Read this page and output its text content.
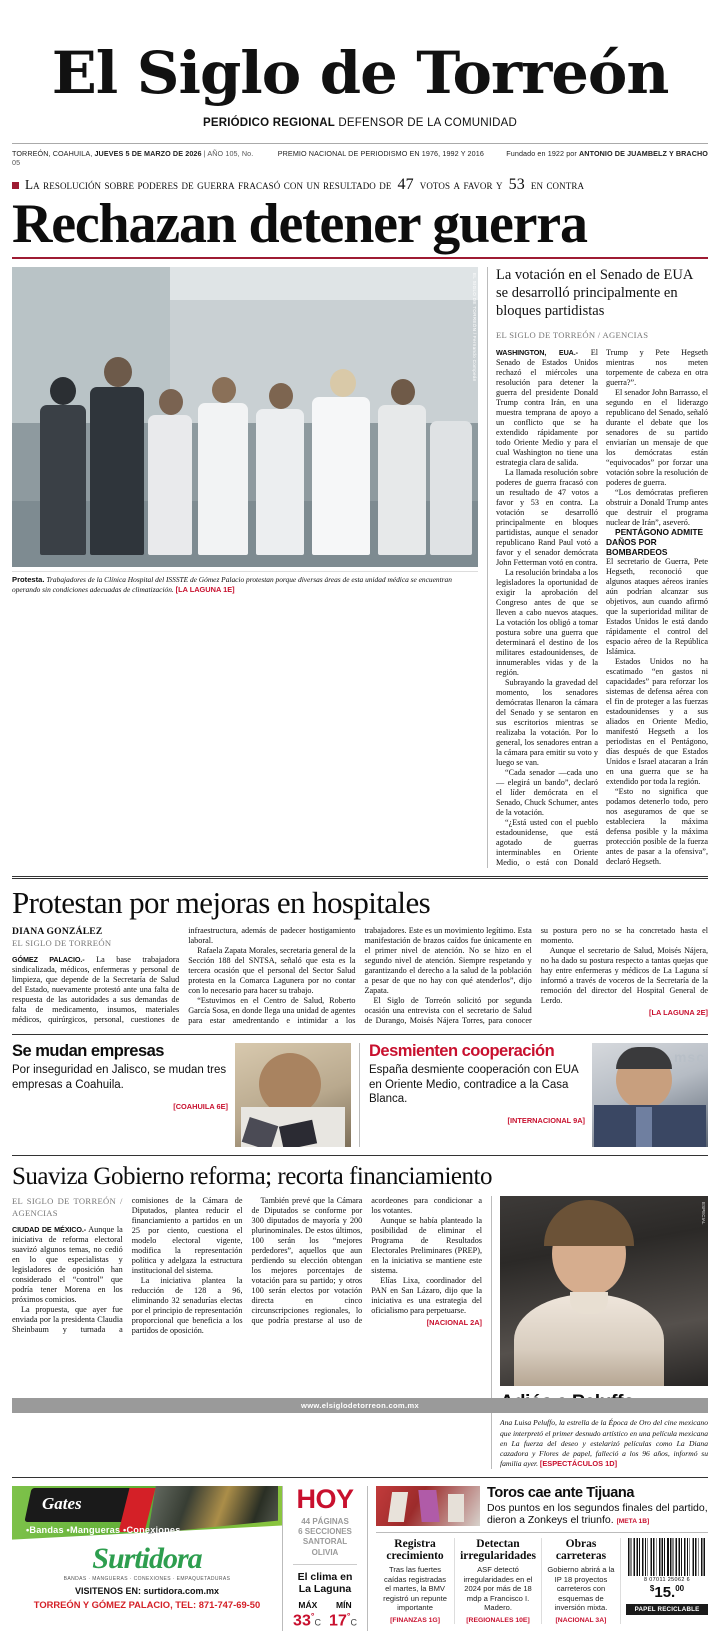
El Siglo de Torreón
PERIÓDICO REGIONAL DEFENSOR DE LA COMUNIDAD
TORREÓN, COAHUILA, JUEVES 5 DE MARZO DE 2026 | AÑO 105, No. 05
PREMIO NACIONAL DE PERIODISMO EN 1976, 1992 Y 2016	Fundado en 1922 por ANTONIO DE JUAMBELZ Y BRACHO
La resolución sobre poderes de guerra fracasó con un resultado de 47 votos a favor y 53 en contra
Rechazan detener guerra
EL SIGLO DE TORREÓN / Fernando Compeán
Protesta. Trabajadores de la Clínica Hospital del ISSSTE de Gómez Palacio protestan porque diversas áreas de esta unidad médica se encuentran operando sin condiciones adecuadas de climatización. [LA LAGUNA 1E]
La votación en el Senado de EUA se desarrolló principalmente en bloques partidistas
EL SIGLO DE TORREÓN / AGENCIAS

WASHINGTON, EUA.- El Senado de Estados Unidos rechazó el miércoles una resolución para detener la guerra del presidente Donald Trump contra Irán, en una muestra temprana de apoyo a un conflicto que se ha extendido rápidamente por todo Oriente Medio y para el cual Washington no tiene una estrategia clara de salida.

La llamada resolución sobre poderes de guerra fracasó con un resultado de 47 votos a favor y 53 en contra. La votación se desarrolló principalmente en bloques partidistas, aunque el senador republicano Rand Paul votó a favor y el senador demócrata John Fetterman votó en contra.

La resolución brindaba a los legisladores la oportunidad de exigir la aprobación del Congreso antes de que se lleven a cabo nuevos ataques. La votación los obligó a tomar postura sobre una guerra que determinará el destino de los militares estadounidenses, de innumerables vidas y de la región.

Subrayando la gravedad del momento, los senadores demócratas llenaron la cámara del Senado y se sentaron en sus escritorios mientras se realizaba la votación. Por lo general, los senadores entran a la cámara para emitir su voto y luego se van.

“Cada senador —cada uno— elegirá un bando”, declaró el líder demócrata en el Senado, Chuck Schumer, antes de la votación.

“¿Está usted con el pueblo estadounidense, que está agotado de guerras interminables en Oriente Medio, o está con Donald Trump y Pete Hegseth mientras nos meten torpemente de cabeza en otra guerra?”.

El senador John Barrasso, el segundo en el liderazgo republicano del Senado, señaló durante el debate que los senadores de su partido enviarían un mensaje de que los demócratas están “equivocados” por forzar una votación sobre la resolución de poderes de guerra.

“Los demócratas prefieren obstruir a Donald Trump antes que destruir el programa nuclear de Irán”, aseveró.

PENTÁGONO ADMITE DAÑOS POR BOMBARDEOS

El secretario de Guerra, Pete Hegseth, reconoció que algunos ataques aéreos iraníes aún podrían alcanzar sus objetivos, aun cuando afirmó que la superioridad militar de Estados Unidos le está dando rápidamente el control del espacio aéreo de la República Islámica.

Estados Unidos no ha escatimado “en gastos ni capacidades” para reforzar los sistemas de defensa aérea con el fin de proteger a las fuerzas estadounidenses y a sus aliados en Oriente Medio, manifestó Hegseth a los periodistas en el Pentágono, días después de que Estados Unidos e Israel atacaran a Irán en una guerra que se ha extendido por toda la región.

“Esto no significa que podamos detenerlo todo, pero nos aseguramos de que se estableciera la máxima defensa posible y la máxima protección posible de la fuerza antes de pasar a la ofensiva”, declaró Hegseth.

Protestan por mejoras en hospitales

DIANA GONZÁLEZ

EL SIGLO DE TORREÓN

GÓMEZ PALACIO.- La base trabajadora sindicalizada, médicos, enfermeras y personal de limpieza, que depende de la Secretaría de Salud del Estado, nuevamente protestó ante una falta de respuesta de las autoridades a sus demandas de falta de medicamento, insumos, materiales médicos, quirúrgicos, personal, cuestiones de infraestructura, además de padecer hostigamiento laboral.

Rafaela Zapata Morales, secretaria general de la Sección 188 del SNTSA, señaló que esta es la tercera ocasión que el personal del Sector Salud protesta en la Comarca Lagunera por no contar con lo necesario para hacer su trabajo.

“Estuvimos en el Centro de Salud, Roberto García Sosa, en donde llega una unidad de agentes para estar amedrentando e intimidar a los trabajadores. Este es un movimiento legítimo. Esta manifestación de brazos caídos fue únicamente en el primer nivel de atención. No se hizo en el segundo nivel de atención. Siempre respetando y garantizando el derecho a la salud de la población a pesar de que no hay con qué atenderlos”, dijo Zapata.

El Siglo de Torreón solicitó por segunda ocasión una entrevista con el secretario de Salud de Durango, Moisés Nájera Torres, para conocer su postura pero no se ha concretado hasta el momento.

Aunque el secretario de Salud, Moisés Nájera, no ha dado su postura respecto a tantas quejas que hay entre enfermeras y médicos de La Laguna sí informó a través de voceros de la Secretaría de la remoción del director del Hospital General de Lerdo.

[LA LAGUNA 2E]

Se mudan empresas
Por inseguridad en Jalisco, se mudan tres empresas a Coahuila.
[COAHUILA 6E]
Desmienten cooperación
España desmiente cooperación con EUA en Oriente Medio, contradice a la Casa Blanca.
[INTERNACIONAL 9A]
msc
Suaviza Gobierno reforma; recorta financiamiento

EL SIGLO DE TORREÓN / AGENCIAS

CIUDAD DE MÉXICO.- Aunque la iniciativa de reforma electoral suavizó algunos temas, no cedió en lo que especialistas y legisladores de oposición han considerado el “control” que podría tener Morena en los próximos comicios.

La propuesta, que ayer fue enviada por la presidenta Claudia Sheinbaum y turnada a comisiones de la Cámara de Diputados, plantea reducir el financiamiento a partidos en un 25 por ciento, cuestiona el modelo electoral vigente, modifica la representación política y adelgaza la estructura institucional del sistema.

La iniciativa plantea la reducción de 128 a 96, eliminando 32 senadurías electas por el principio de representación proporcional que beneficia a los partidos de oposición.

También prevé que la Cámara de Diputados se conforme por 300 diputados de mayoría y 200 plurinominales. De estos últimos, 100 serán los “mejores perdedores”, aquellos que aun perdiendo su elección obtengan los mejores porcentajes de votación para su partido; y otros 100 serán electos por votación directa en cinco circunscripciones regionales, lo que podría prestarse al uso de acordeones para condicionar a los votantes.

Aunque se había planteado la posibilidad de eliminar el Programa de Resultados Electorales Preliminares (PREP), en la iniciativa se mantiene este sistema.

Elías Lixa, coordinador del PAN en San Lázaro, dijo que la iniciativa es una estrategia del oficialismo para perpetuarse.

[NACIONAL 2A]

ESPECIAL
Ana Luisa Peluffo, la estrella de la Época de Oro del cine mexicano que interpretó el primer desnudo artístico en una película mexicana en La fuerza del deseo y estelarizó películas como La Diana cazadora y Flores de papel, falleció a los 96 años, informó su familia ayer. [ESPECTÁCULOS 1D]
Gates
•Bandas •Mangueras •Conexiones
Surtidora
BANDAS · MANGUERAS · CONEXIONES · EMPAQUETADURAS
VISITENOS EN: surtidora.com.mx
TORREÓN Y GÓMEZ PALACIO, TEL: 871-747-69-50
HOY
44 PÁGINAS
6 SECCIONES
SANTORAL
OLIVIA
El clima en
La Laguna
MÁX MÍN
33°C 17°C
Toros cae ante Tijuana
Dos puntos en los segundos finales del partido, dieron a Zonkeys el triunfo. [META 1B]
Registra crecimiento
Tras las fuertes caídas registradas el martes, la BMV registró un repunte importante
[FINANZAS 1G]
Detectan irregularidades
ASF detectó irregularidades en el 2024 por más de 18 mdp a Francisco I. Madero.
[REGIONALES 10E]
Obras carreteras
Gobierno abrirá a la IP 18 proyectos carreteros con esquemas de inversión mixta.
[NACIONAL 3A]
8 07011 25062 6
$15.00
PAPEL RECICLABLE
www.elsiglodetorreon.com.mx
